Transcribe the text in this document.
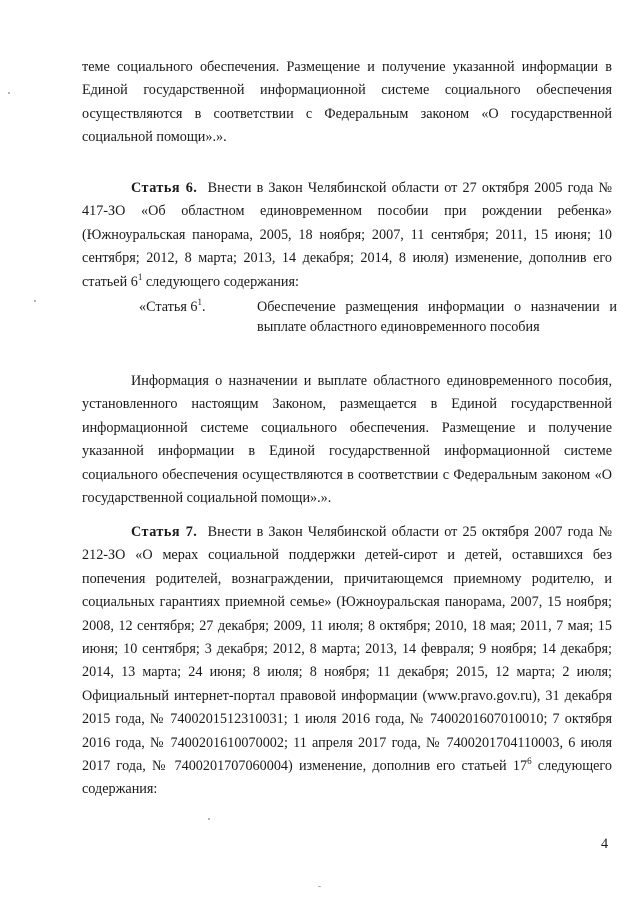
теме социального обеспечения. Размещение и получение указанной информации в Единой государственной информационной системе социального обеспечения осуществляются в соответствии с Федеральным законом «О государственной социальной помощи».».

Статья 6. Внести в Закон Челябинской области от 27 октября 2005 года № 417-ЗО «Об областном единовременном пособии при рождении ребенка» (Южноуральская панорама, 2005, 18 ноября; 2007, 11 сентября; 2011, 15 июня; 10 сентября; 2012, 8 марта; 2013, 14 декабря; 2014, 8 июля) изменение, дополнив его статьей $6^1$ следующего содержания:

«Статья $6^1$.	Обеспечение размещения информации о назначении и выплате областного единовременного пособия

Информация о назначении и выплате областного единовременного пособия, установленного настоящим Законом, размещается в Единой государственной информационной системе социального обеспечения. Размещение и получение указанной информации в Единой государственной информационной системе социального обеспечения осуществляются в соответствии с Федеральным законом «О государственной социальной помощи».».

Статья 7. Внести в Закон Челябинской области от 25 октября 2007 года № 212-ЗО «О мерах социальной поддержки детей-сирот и детей, оставшихся без попечения родителей, вознаграждении, причитающемся приемному родителю, и социальных гарантиях приемной семье» (Южноуральская панорама, 2007, 15 ноября; 2008, 12 сентября; 27 декабря; 2009, 11 июля; 8 октября; 2010, 18 мая; 2011, 7 мая; 15 июня; 10 сентября; 3 декабря; 2012, 8 марта; 2013, 14 февраля; 9 ноября; 14 декабря; 2014, 13 марта; 24 июня; 8 июля; 8 ноября; 11 декабря; 2015, 12 марта; 2 июля; Официальный интернет-портал правовой информации (www.pravo.gov.ru), 31 декабря 2015 года, № 7400201512310031; 1 июля 2016 года, № 7400201607010010; 7 октября 2016 года, № 7400201610070002; 11 апреля 2017 года, № 7400201704110003, 6 июля 2017 года, № 7400201707060004) изменение, дополнив его статьей $17^6$ следующего содержания:

4
